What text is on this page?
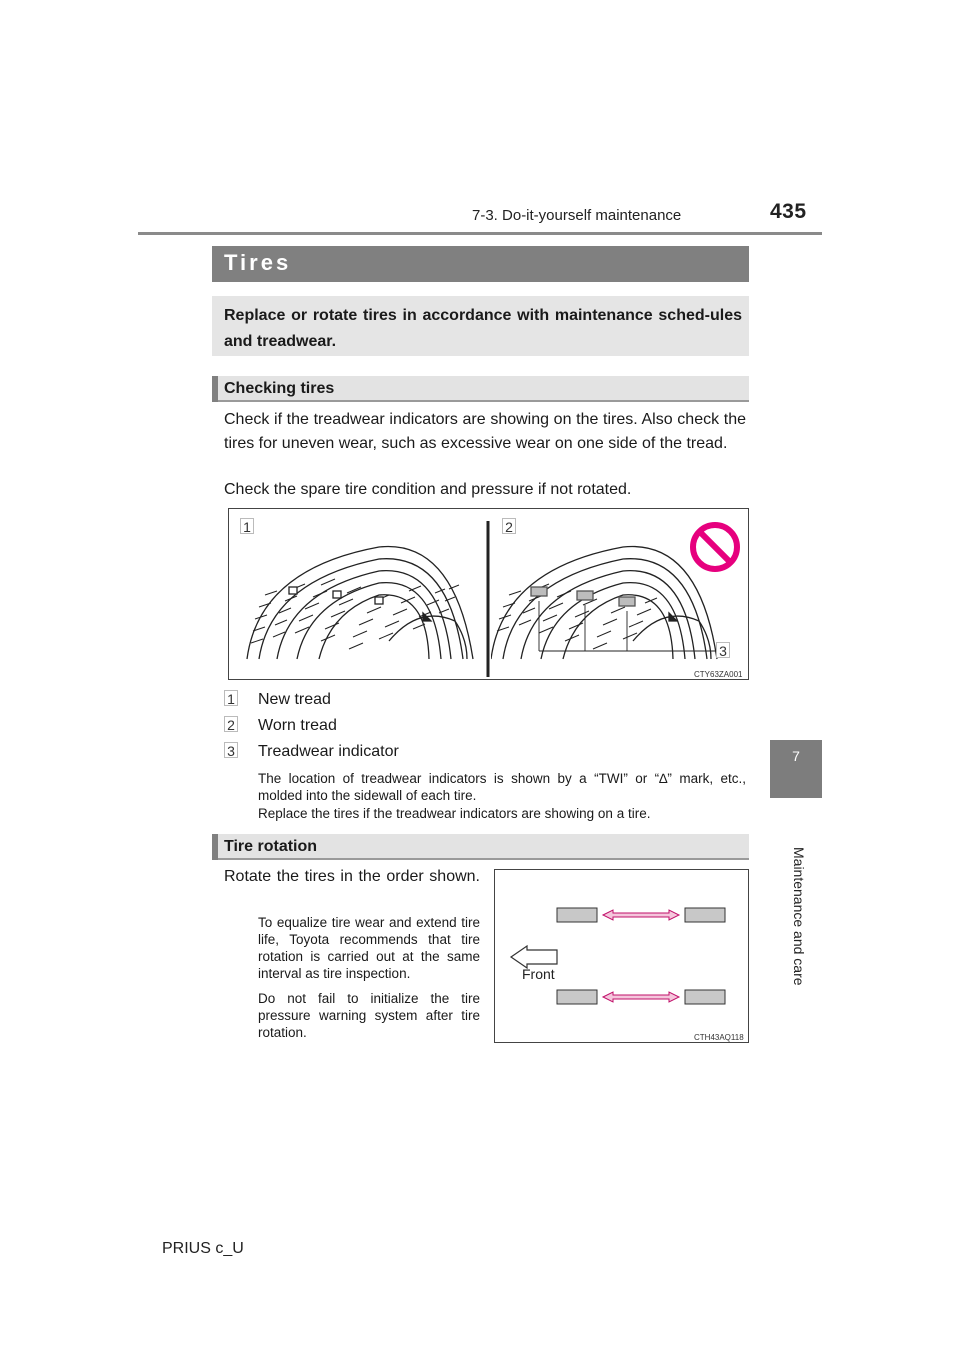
7-3. Do-it-yourself maintenance	435
7
Maintenance and care
Tires
Replace or rotate tires in accordance with maintenance sched-ules and treadwear.
Checking tires
Check if the treadwear indicators are showing on the tires. Also check the tires for uneven wear, such as excessive wear on one side of the tread.
Check the spare tire condition and pressure if not rotated.
1	2
3
CTY63ZA001
1 New tread
2 Worn tread
3 Treadwear indicator
The location of treadwear indicators is shown by a “TWI” or “∆” mark, etc., molded into the sidewall of each tire.
Replace the tires if the treadwear indicators are showing on a tire.
Tire rotation
Rotate the tires in the order shown.
To equalize tire wear and extend tire life, Toyota recommends that tire rotation is carried out at the same interval as tire inspection.
Do not fail to initialize the tire pressure warning system after tire rotation.
Front
CTH43AQ118
PRIUS c_U
